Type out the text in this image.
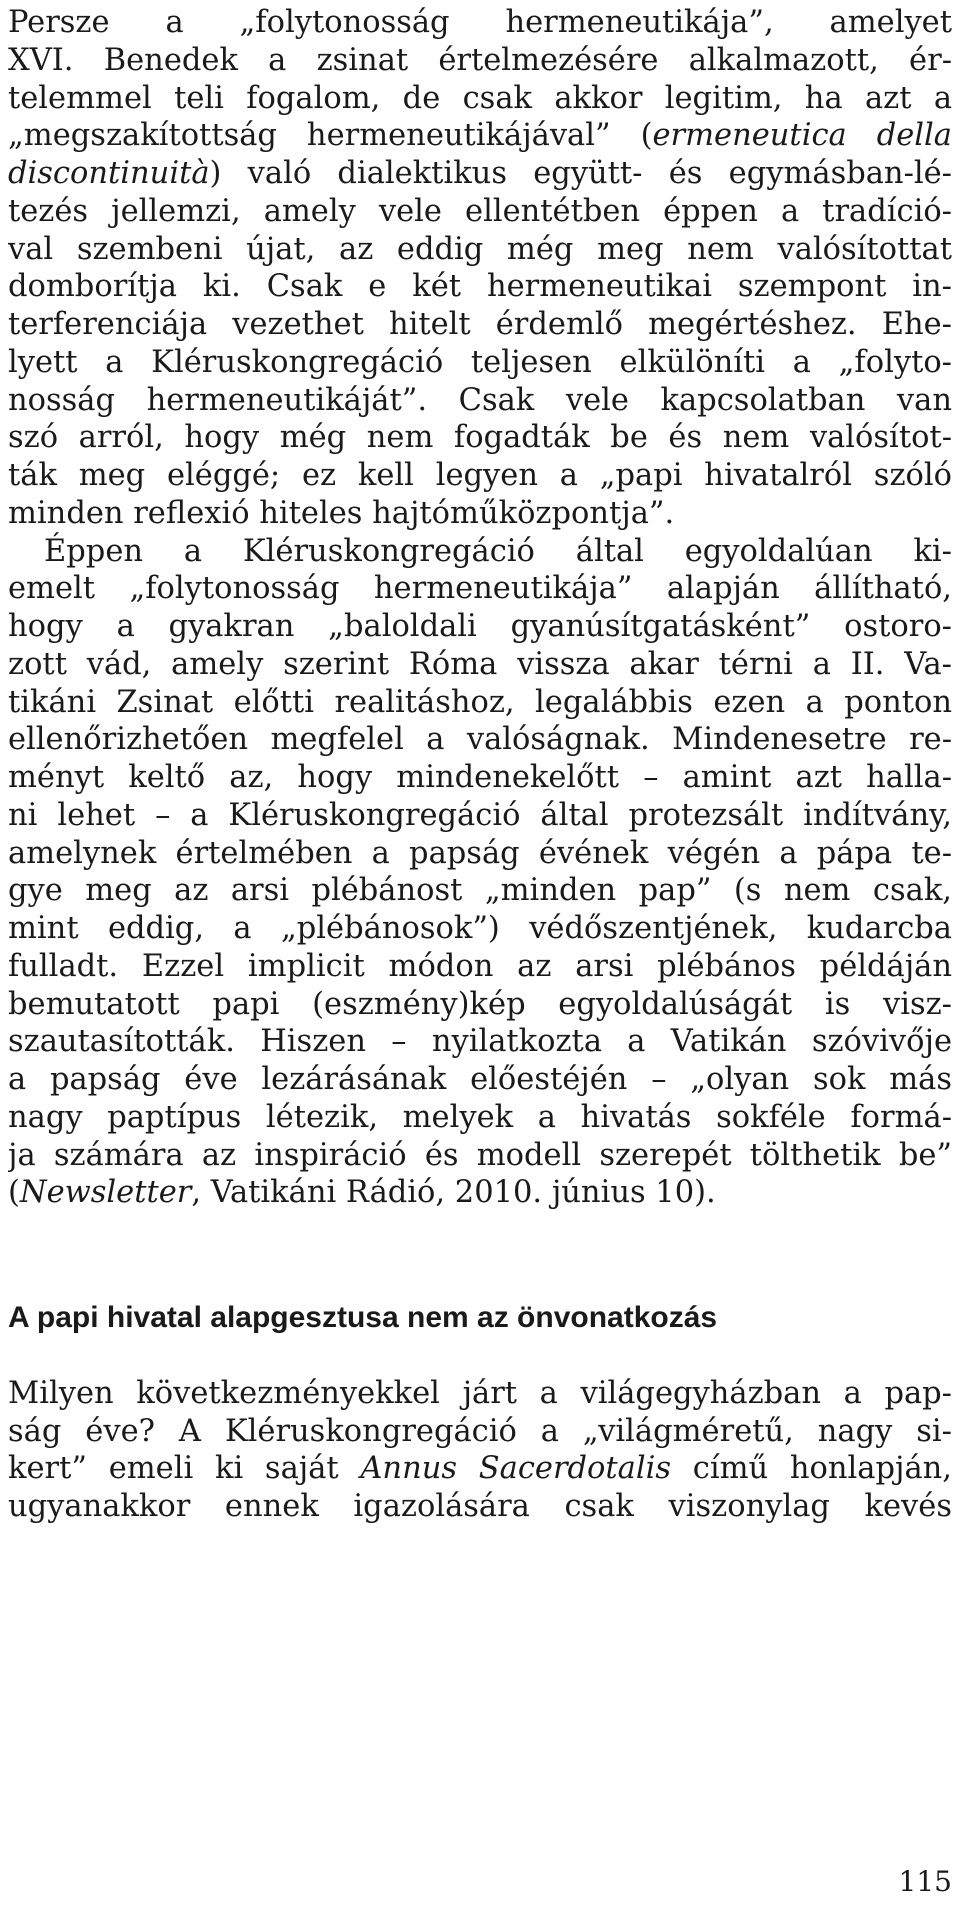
Persze a „folytonosság hermeneutikája”, amelyet
XVI. Benedek a zsinat értelmezésére alkalmazott, ér-
telemmel teli fogalom, de csak akkor legitim, ha azt a
„megszakítottság hermeneutikájával” (ermeneutica della
discontinuità) való dialektikus együtt- és egymásban-lé-
tezés jellemzi, amely vele ellentétben éppen a tradíció-
val szembeni újat, az eddig még meg nem valósítottat
domborítja ki. Csak e két hermeneutikai szempont in-
terferenciája vezethet hitelt érdemlő megértéshez. Ehe-
lyett a Kléruskongregáció teljesen elkülöníti a „folyto-
nosság hermeneutikáját”. Csak vele kapcsolatban van
szó arról, hogy még nem fogadták be és nem valósítot-
ták meg eléggé; ez kell legyen a „papi hivatalról szóló
minden reflexió hiteles hajtóműközpontja”.
Éppen a Kléruskongregáció által egyoldalúan ki-
emelt „folytonosság hermeneutikája” alapján állítható,
hogy a gyakran „baloldali gyanúsítgatásként” ostoro-
zott vád, amely szerint Róma vissza akar térni a II. Va-
tikáni Zsinat előtti realitáshoz, legalábbis ezen a ponton
ellenőrizhetően megfelel a valóságnak. Mindenesetre re-
ményt keltő az, hogy mindenekelőtt – amint azt halla-
ni lehet – a Kléruskongregáció által protezsált indítvány,
amelynek értelmében a papság évének végén a pápa te-
gye meg az arsi plébánost „minden pap” (s nem csak,
mint eddig, a „plébánosok”) védőszentjének, kudarcba
fulladt. Ezzel implicit módon az arsi plébános példáján
bemutatott papi (eszmény)kép egyoldalúságát is visz-
szautasították. Hiszen – nyilatkozta a Vatikán szóvivője
a papság éve lezárásának előestéjén – „olyan sok más
nagy paptípus létezik, melyek a hivatás sokféle formá-
ja számára az inspiráció és modell szerepét tölthetik be”
(Newsletter, Vatikáni Rádió, 2010. június 10).
A papi hivatal alapgesztusa nem az önvonatkozás
Milyen következményekkel járt a világegyházban a pap-
ság éve? A Kléruskongregáció a „világméretű, nagy si-
kert” emeli ki saját Annus Sacerdotalis című honlapján,
ugyanakkor ennek igazolására csak viszonylag kevés
115
